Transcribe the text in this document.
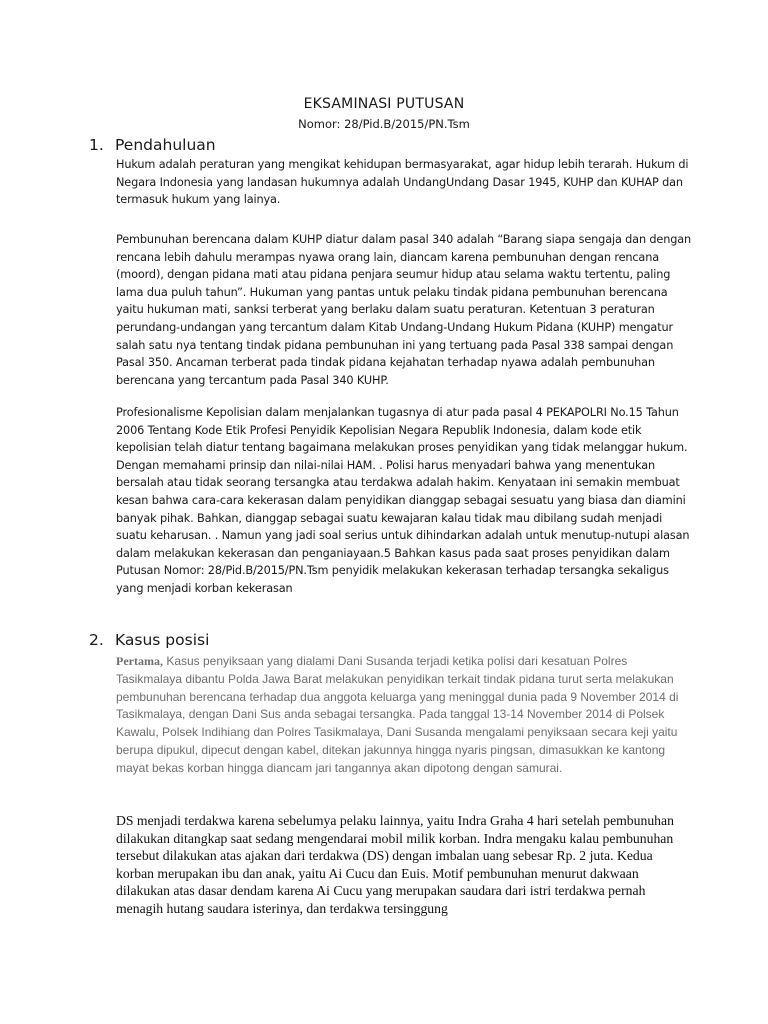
EKSAMINASI PUTUSAN
Nomor: 28/Pid.B/2015/PN.Tsm
1. Pendahuluan

Hukum adalah peraturan yang mengikat kehidupan bermasyarakat, agar hidup lebih terarah. Hukum di Negara Indonesia yang landasan hukumnya adalah UndangUndang Dasar 1945, KUHP dan KUHAP dan termasuk hukum yang lainya.

Pembunuhan berencana dalam KUHP diatur dalam pasal 340 adalah “Barang siapa sengaja dan dengan rencana lebih dahulu merampas nyawa orang lain, diancam karena pembunuhan dengan rencana (moord), dengan pidana mati atau pidana penjara seumur hidup atau selama waktu tertentu, paling lama dua puluh tahun”. Hukuman yang pantas untuk pelaku tindak pidana pembunuhan berencana yaitu hukuman mati, sanksi terberat yang berlaku dalam suatu peraturan. Ketentuan 3 peraturan perundang-undangan yang tercantum dalam Kitab Undang-Undang Hukum Pidana (KUHP) mengatur salah satu nya tentang tindak pidana pembunuhan ini yang tertuang pada Pasal 338 sampai dengan Pasal 350. Ancaman terberat pada tindak pidana kejahatan terhadap nyawa adalah pembunuhan berencana yang tercantum pada Pasal 340 KUHP.

Profesionalisme Kepolisian dalam menjalankan tugasnya di atur pada pasal 4 PEKAPOLRI No.15 Tahun 2006 Tentang Kode Etik Profesi Penyidik Kepolisian Negara Republik Indonesia, dalam kode etik kepolisian telah diatur tentang bagaimana melakukan proses penyidikan yang tidak melanggar hukum. Dengan memahami prinsip dan nilai-nilai HAM. . Polisi harus menyadari bahwa yang menentukan bersalah atau tidak seorang tersangka atau terdakwa adalah hakim. Kenyataan ini semakin membuat kesan bahwa cara-cara kekerasan dalam penyidikan dianggap sebagai sesuatu yang biasa dan diamini banyak pihak. Bahkan, dianggap sebagai suatu kewajaran kalau tidak mau dibilang sudah menjadi suatu keharusan. . Namun yang jadi soal serius untuk dihindarkan adalah untuk menutup-nutupi alasan dalam melakukan kekerasan dan penganiayaan.5 Bahkan kasus pada saat proses penyidikan dalam Putusan Nomor: 28/Pid.B/2015/PN.Tsm penyidik melakukan kekerasan terhadap tersangka sekaligus yang menjadi korban kekerasan

2. Kasus posisi

Pertama, Kasus penyiksaan yang dialami Dani Susanda terjadi ketika polisi dari kesatuan Polres Tasikmalaya dibantu Polda Jawa Barat melakukan penyidikan terkait tindak pidana turut serta melakukan pembunuhan berencana terhadap dua anggota keluarga yang meninggal dunia pada 9 November 2014 di Tasikmalaya, dengan Dani Sus anda sebagai tersangka. Pada tanggal 13-14 November 2014 di Polsek Kawalu, Polsek Indihiang dan Polres Tasikmalaya, Dani Susanda mengalami penyiksaan secara keji yaitu berupa dipukul, dipecut dengan kabel, ditekan jakunnya hingga nyaris pingsan, dimasukkan ke kantong mayat bekas korban hingga diancam jari tangannya akan dipotong dengan samurai.

DS menjadi terdakwa karena sebelumya pelaku lainnya, yaitu Indra Graha 4 hari setelah pembunuhan dilakukan ditangkap saat sedang mengendarai mobil milik korban. Indra mengaku kalau pembunuhan tersebut dilakukan atas ajakan dari terdakwa (DS) dengan imbalan uang sebesar Rp. 2 juta. Kedua korban merupakan ibu dan anak, yaitu Ai Cucu dan Euis. Motif pembunuhan menurut dakwaan dilakukan atas dasar dendam karena Ai Cucu yang merupakan saudara dari istri terdakwa pernah menagih hutang saudara isterinya, dan terdakwa tersinggung
